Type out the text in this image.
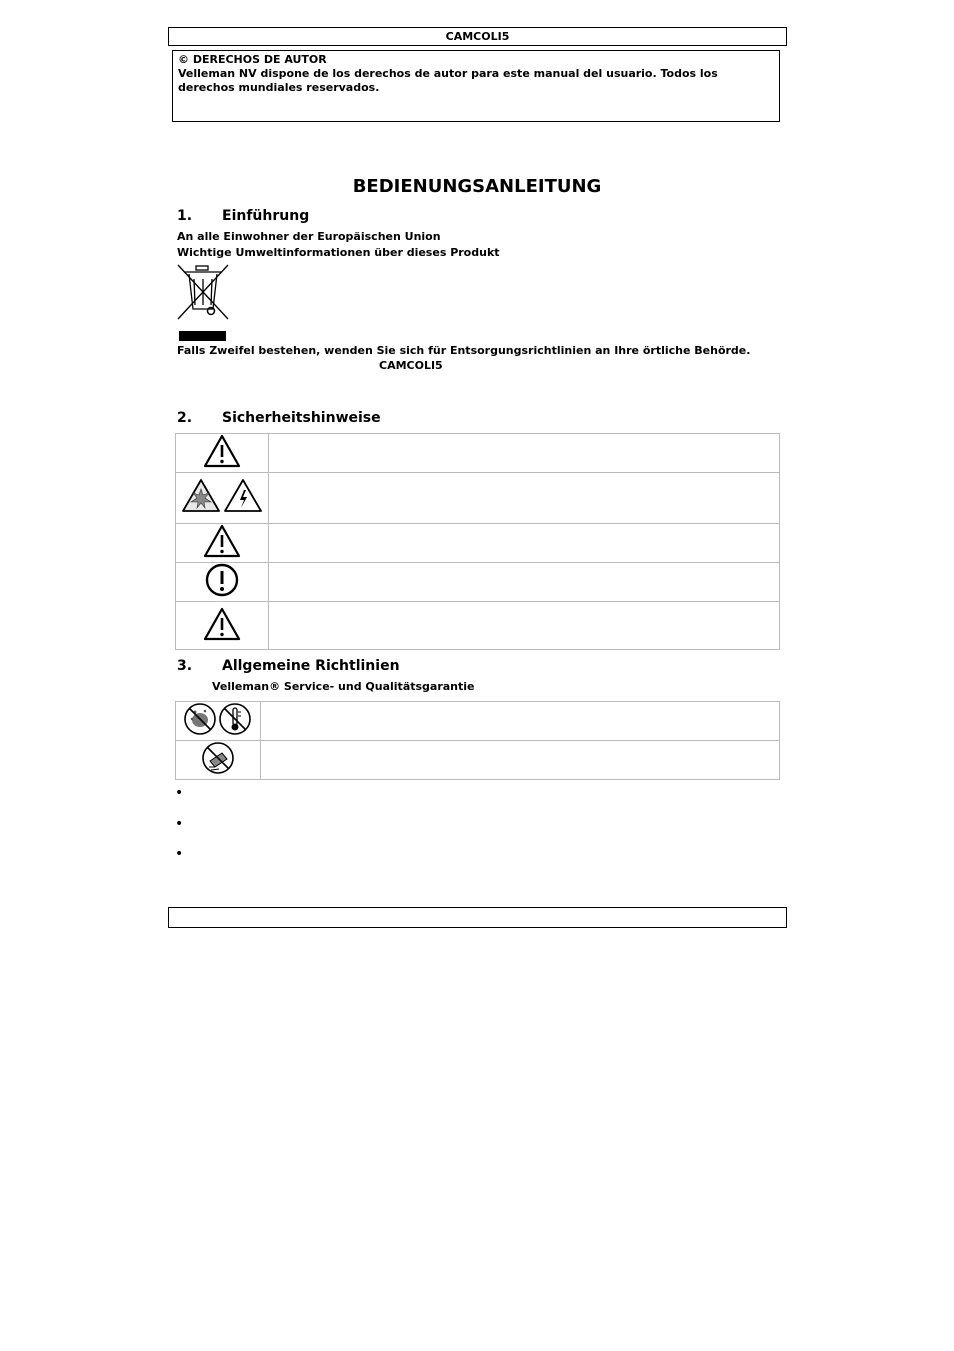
CAMCOLI5
© DERECHOS DE AUTOR
Velleman NV dispone de los derechos de autor para este manual del usuario. Todos los
derechos mundiales reservados.
BEDIENUNGSANLEITUNG
1. Einführung
An alle Einwohner der Europäischen Union
Wichtige Umweltinformationen über dieses Produkt
Falls Zweifel bestehen, wenden Sie sich für Entsorgungsrichtlinien an Ihre örtliche Behörde.
CAMCOLI5
2. Sicherheitshinweise

3. Allgemeine Richtlinien
Velleman® Service- und Qualitätsgarantie

•
•
•
